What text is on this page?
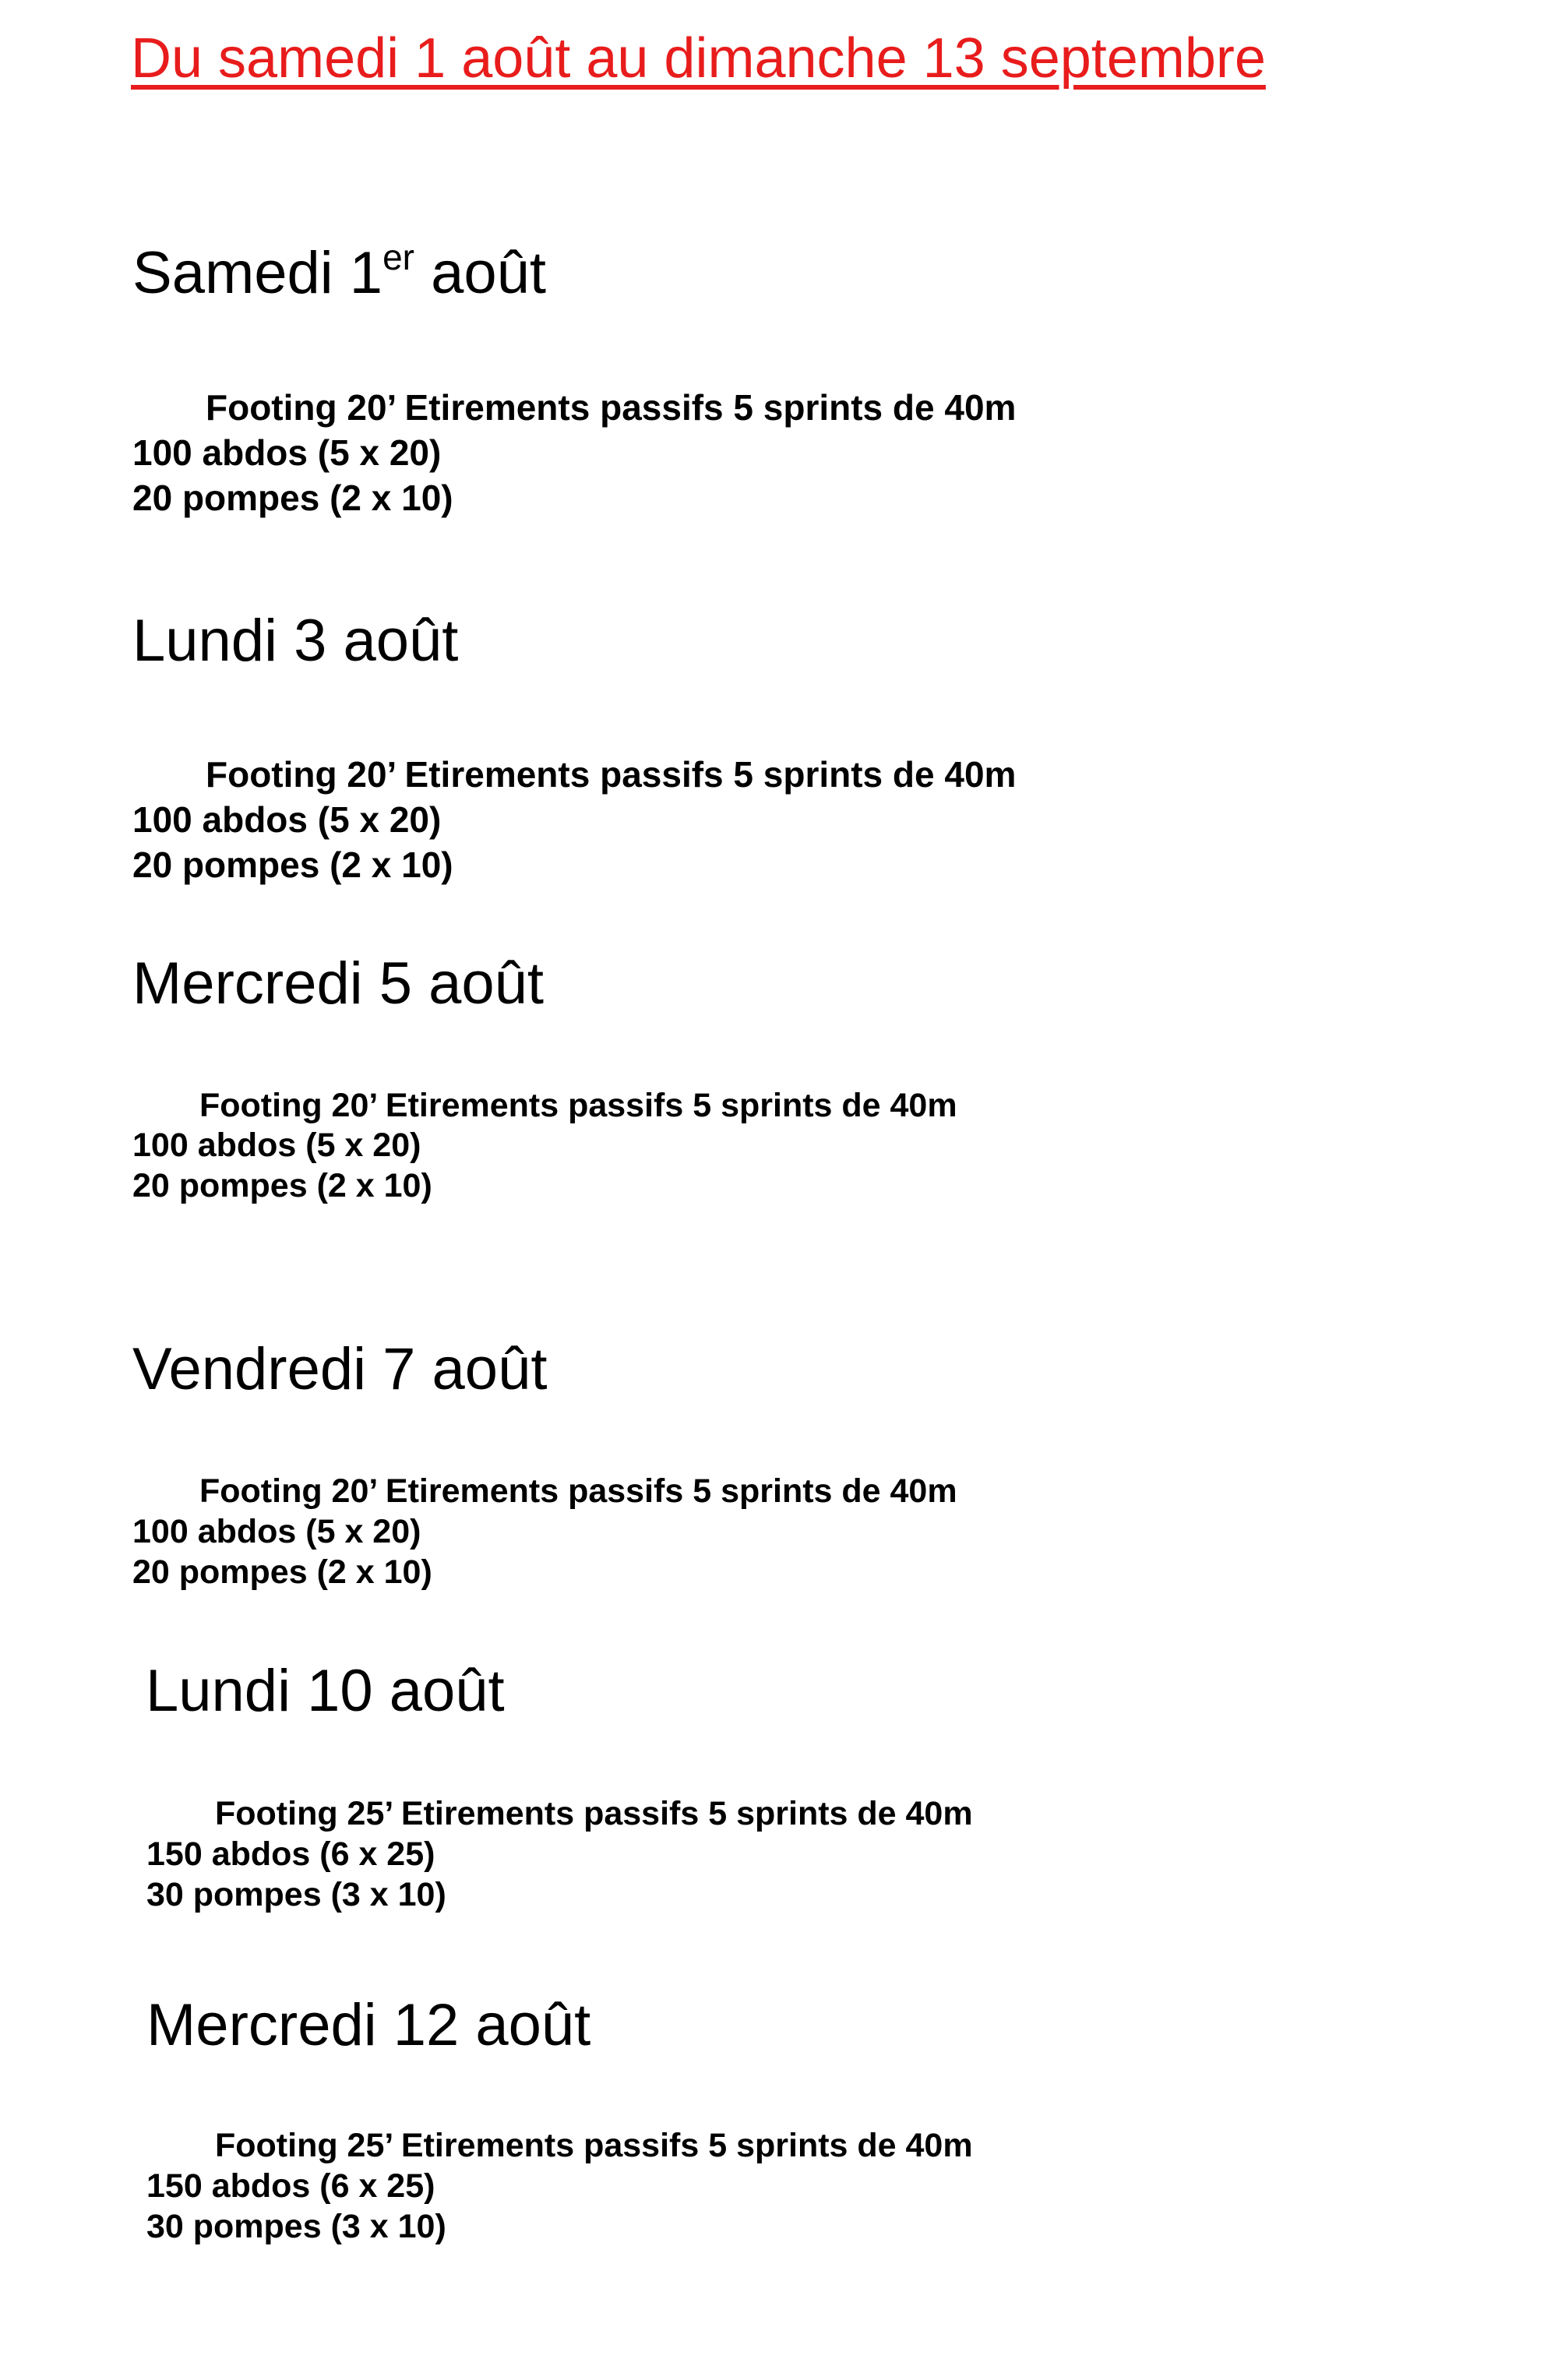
Du samedi 1 août au dimanche 13 septembre
Samedi 1er août
Footing 20’ Etirements passifs 5 sprints de 40m
100 abdos (5 x 20)
20 pompes (2 x 10)
Lundi 3 août
Footing 20’ Etirements passifs 5 sprints de 40m
100 abdos (5 x 20)
20 pompes (2 x 10)
Mercredi 5 août
Footing 20’ Etirements passifs 5 sprints de 40m
100 abdos (5 x 20)
20 pompes (2 x 10)
Vendredi 7 août
Footing 20’ Etirements passifs 5 sprints de 40m
100 abdos (5 x 20)
20 pompes (2 x 10)
Lundi 10 août
Footing 25’ Etirements passifs 5 sprints de 40m
150 abdos (6 x 25)
30 pompes (3 x 10)
Mercredi 12 août
Footing 25’ Etirements passifs 5 sprints de 40m
150 abdos (6 x 25)
30 pompes (3 x 10)
